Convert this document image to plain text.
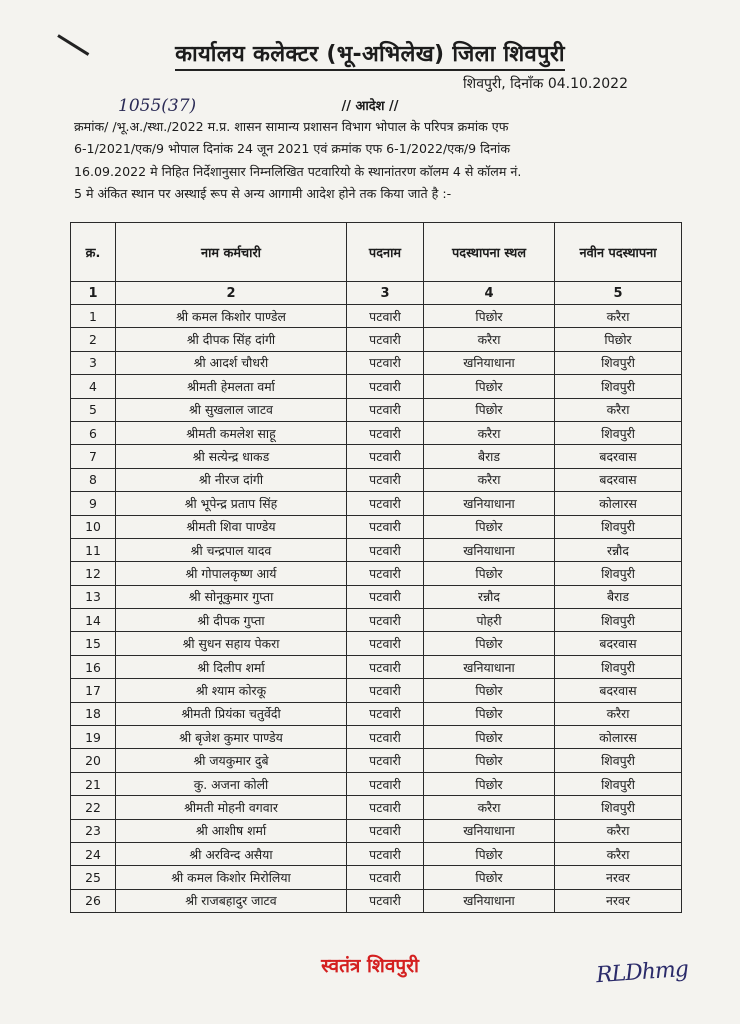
कार्यालय कलेक्टर (भू-अभिलेख) जिला शिवपुरी
शिवपुरी, दिनाँक 04.10.2022
1055(37)	// आदेश //
क्रमांक/ /भू.अ./स्था./2022 म.प्र. शासन सामान्य प्रशासन विभाग भोपाल के परिपत्र क्रमांक एफ
6-1/2021/एक/9 भोपाल दिनांक 24 जून 2021 एवं क्रमांक एफ 6-1/2022/एक/9 दिनांक
16.09.2022 मे निहित निर्देशानुसार निम्नलिखित पटवारियो के स्थानांतरण कॉलम 4 से कॉलम नं.
5 मे अंकित स्थान पर अस्थाई रूप से अन्य आगामी आदेश होने तक किया जाते है :-
क्र.	नाम कर्मचारी	पदनाम	पदस्थापना स्थल	नवीन पदस्थापना
1	2	3	4	5
1	श्री कमल किशोर पाण्डेल	पटवारी	पिछोर	करैरा
2	श्री दीपक सिंह दांगी	पटवारी	करैरा	पिछोर
3	श्री आदर्श चौधरी	पटवारी	खनियाधाना	शिवपुरी
4	श्रीमती हेमलता वर्मा	पटवारी	पिछोर	शिवपुरी
5	श्री सुखलाल जाटव	पटवारी	पिछोर	करैरा
6	श्रीमती कमलेश साहू	पटवारी	करैरा	शिवपुरी
7	श्री सत्येन्द्र धाकड	पटवारी	बैराड	बदरवास
8	श्री नीरज दांगी	पटवारी	करैरा	बदरवास
9	श्री भूपेन्द्र प्रताप सिंह	पटवारी	खनियाधाना	कोलारस
10	श्रीमती शिवा पाण्डेय	पटवारी	पिछोर	शिवपुरी
11	श्री चन्द्रपाल यादव	पटवारी	खनियाधाना	रन्नौद
12	श्री गोपालकृष्ण आर्य	पटवारी	पिछोर	शिवपुरी
13	श्री सोनूकुमार गुप्ता	पटवारी	रन्नौद	बैराड
14	श्री दीपक गुप्ता	पटवारी	पोहरी	शिवपुरी
15	श्री सुधन सहाय पेकरा	पटवारी	पिछोर	बदरवास
16	श्री दिलीप शर्मा	पटवारी	खनियाधाना	शिवपुरी
17	श्री श्याम कोरकू	पटवारी	पिछोर	बदरवास
18	श्रीमती प्रियंका चतुर्वेदी	पटवारी	पिछोर	करैरा
19	श्री बृजेश कुमार पाण्डेय	पटवारी	पिछोर	कोलारस
20	श्री जयकुमार दुबे	पटवारी	पिछोर	शिवपुरी
21	कु. अजना कोली	पटवारी	पिछोर	शिवपुरी
22	श्रीमती मोहनी वगवार	पटवारी	करैरा	शिवपुरी
23	श्री आशीष शर्मा	पटवारी	खनियाधाना	करैरा
24	श्री अरविन्द असैया	पटवारी	पिछोर	करैरा
25	श्री कमल किशोर मिरोलिया	पटवारी	पिछोर	नरवर
26	श्री राजबहादुर जाटव	पटवारी	खनियाधाना	नरवर
स्वतंत्र शिवपुरी	RLDhmg
